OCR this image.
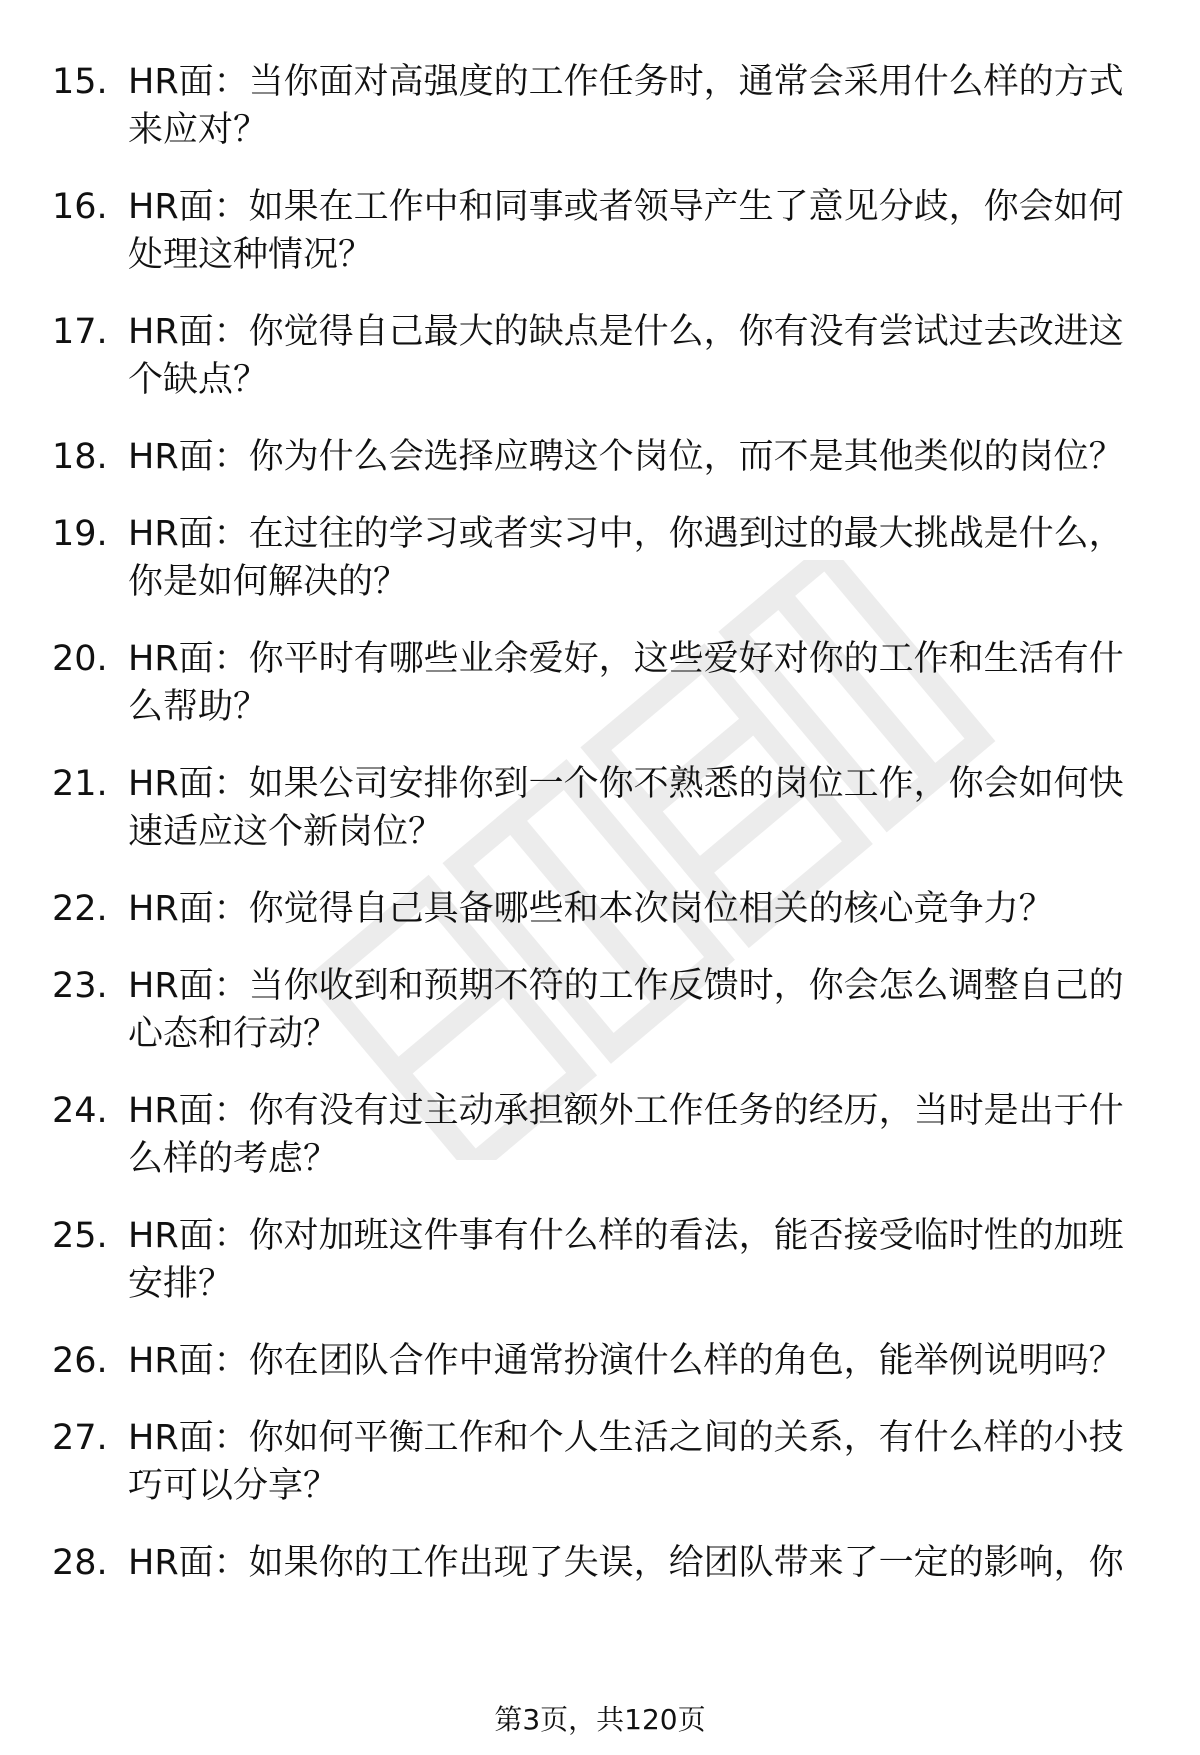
15. HR面：当你面对高强度的工作任务时，通常会采用什么样的方式来应对？
16. HR面：如果在工作中和同事或者领导产生了意见分歧，你会如何处理这种情况？
17. HR面：你觉得自己最大的缺点是什么，你有没有尝试过去改进这个缺点？
18. HR面：你为什么会选择应聘这个岗位，而不是其他类似的岗位？
19. HR面：在过往的学习或者实习中，你遇到过的最大挑战是什么，你是如何解决的？
20. HR面：你平时有哪些业余爱好，这些爱好对你的工作和生活有什么帮助？
21. HR面：如果公司安排你到一个你不熟悉的岗位工作，你会如何快速适应这个新岗位？
22. HR面：你觉得自己具备哪些和本次岗位相关的核心竞争力？
23. HR面：当你收到和预期不符的工作反馈时，你会怎么调整自己的心态和行动？
24. HR面：你有没有过主动承担额外工作任务的经历，当时是出于什么样的考虑？
25. HR面：你对加班这件事有什么样的看法，能否接受临时性的加班安排？
26. HR面：你在团队合作中通常扮演什么样的角色，能举例说明吗？
27. HR面：你如何平衡工作和个人生活之间的关系，有什么样的小技巧可以分享？
28. HR面：如果你的工作出现了失误，给团队带来了一定的影响，你
第3页，共120页
